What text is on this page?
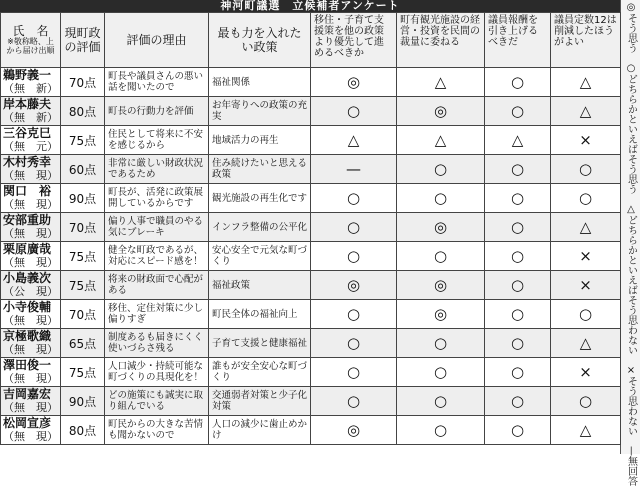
神河町議選　立候補者アンケート	◎そう思う　○どちらかといえばそう思う　△どちらかといえばそう思わない　×そう思わない　—無回答
氏　名
※敬称略、上から届け出順	現町政の評価	評価の理由	最も力を入れたい政策	移住・子育て支援策を他の政策より優先して進めるべきか	町有観光施設の経営・投資を民間の裁量に委ねる	議員報酬を引き上げるべきだ	議員定数12は削減したほうがよい

鵜野義一
（無　新）	70点	町長や議員さんの悪い話を聞いたので	福祉関係	◎	△	○	△

岸本藤夫
（無　新）	80点	町長の行動力を評価	お年寄りへの政策の充実	○	◎	○	△

三谷克巳
（無　元）	75点	住民として将来に不安を感じるから	地域活力の再生	△	△	△	×

木村秀幸
（無　現）	60点	非常に厳しい財政状況であるため	住み続けたいと思える政策	—	○	○	○

関口　裕
（無　現）	90点	町長が、活発に政策展開しているからです	観光施設の再生化です	○	○	○	○

安部重助
（無　現）	70点	偏り人事で職員のやる気にブレーキ	インフラ整備の公平化	○	◎	○	△

栗原廣哉
（無　現）	75点	健全な町政であるが、対応にスピード感を！	安心安全で元気な町づくり	○	○	○	×

小島義次
（公　現）	75点	将来の財政面で心配がある	福祉政策	◎	◎	○	×

小寺俊輔
（無　現）	70点	移住、定住対策に少し偏りすぎ	町民全体の福祉向上	○	◎	○	○

京極歌織
（無　現）	65点	制度あるも届きにくく使いづらさ残る	子育て支援と健康福祉	○	○	○	△

澤田俊一
（無　現）	75点	人口減少・持続可能な町づくりの具現化を！	誰もが安全安心な町づくり	○	○	○	×

吉岡嘉宏
（無　現）	90点	どの施策にも誠実に取り組んでいる	交通弱者対策と少子化対策	○	○	○	○

松岡宣彦
（無　現）	80点	町民からの大きな苦情も聞かないので	人口の減少に歯止めかけ	◎	○	○	△
